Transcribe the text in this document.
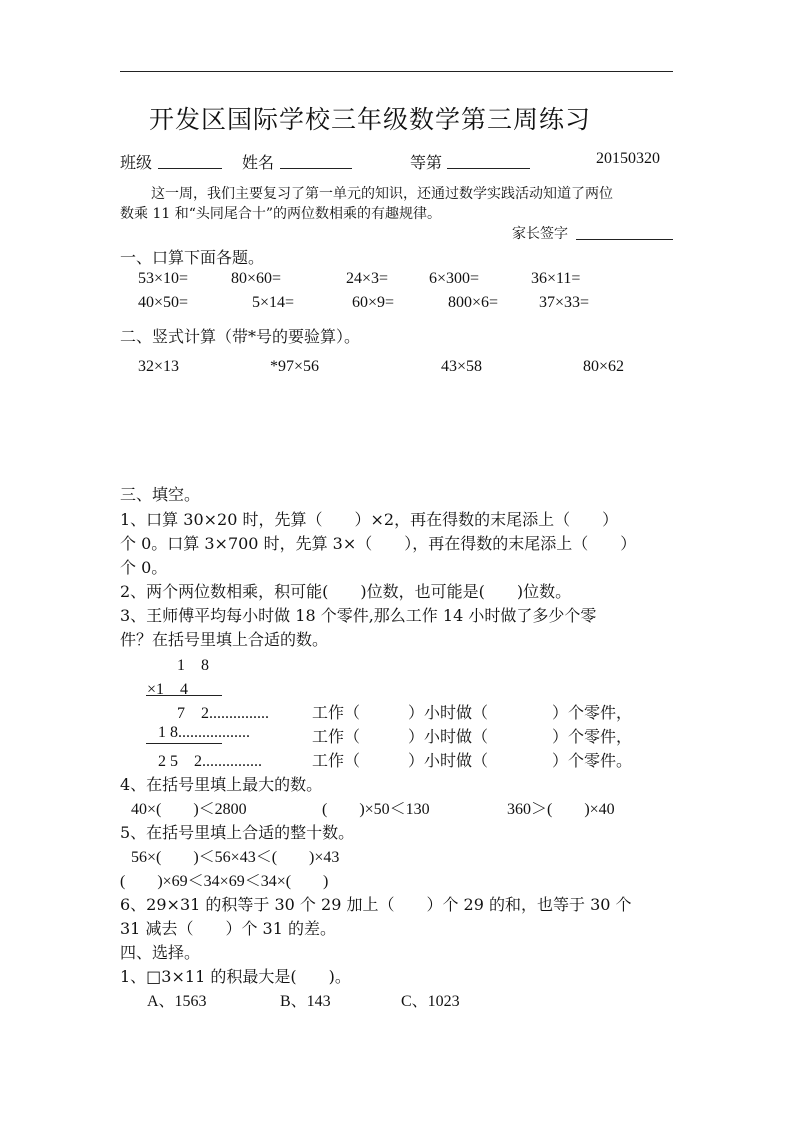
开发区国际学校三年级数学第三周练习
班级	姓名	等第	20150320
这一周，我们主要复习了第一单元的知识，还通过数学实践活动知道了两位
数乘 11 和“头同尾合十”的两位数相乘的有趣规律。
家长签字
一、口算下面各题。
53×10=	80×60=	24×3=	6×300=	36×11=
40×50=	5×14=	60×9=	800×6=	37×33=
二、竖式计算（带*号的要验算）。
32×13	*97×56	43×58	80×62
三、填空。
1、口算 30×20 时，先算（　　）×2，再在得数的末尾添上（　　）
个 0。口算 3×700 时，先算 3×（　　），再在得数的末尾添上（　　）
个 0。
2、两个两位数相乘，积可能(　　)位数，也可能是(　　)位数。
3、王师傅平均每小时做 18 个零件,那么工作 14 小时做了多少个零
件？在括号里填上合适的数。
1　8
×1　4
7　2...............	工作（　　　）小时做（　　　　）个零件，
1 8..................	工作（　　　）小时做（　　　　）个零件，
2 5　2...............	工作（　　　）小时做（　　　　）个零件。
4、在括号里填上最大的数。
40×(　　)＜2800	(　　)×50＜130	360＞(　　)×40
5、在括号里填上合适的整十数。
56×(　　)＜56×43＜(　　)×43
(　　)×69＜34×69＜34×(　　)
6、29×31 的积等于 30 个 29 加上（　　）个 29 的和，也等于 30 个
31 减去（　　）个 31 的差。
四、选择。
1、□3×11 的积最大是(　　)。
A、1563	B、143	C、1023
